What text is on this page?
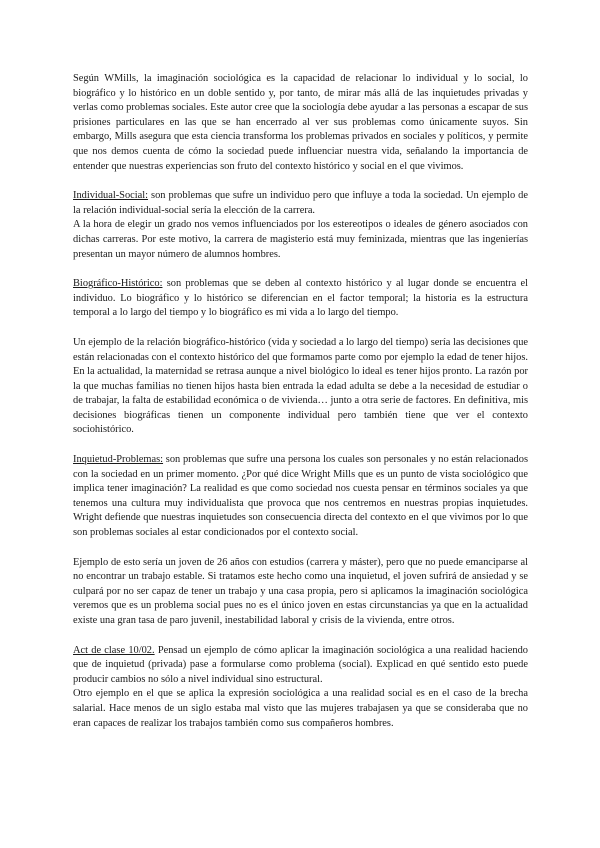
Según WMills, la imaginación sociológica es la capacidad de relacionar lo individual y lo social, lo biográfico y lo histórico en un doble sentido y, por tanto, de mirar más allá de las inquietudes privadas y verlas como problemas sociales. Este autor cree que la sociología debe ayudar a las personas a escapar de sus prisiones particulares en las que se han encerrado al ver sus problemas como únicamente suyos. Sin embargo, Mills asegura que esta ciencia transforma los problemas privados en sociales y políticos, y permite que nos demos cuenta de cómo la sociedad puede influenciar nuestra vida, señalando la importancia de entender que nuestras experiencias son fruto del contexto histórico y social en el que vivimos.

Individual-Social: son problemas que sufre un individuo pero que influye a toda la sociedad. Un ejemplo de la relación individual-social sería la elección de la carrera.

A la hora de elegir un grado nos vemos influenciados por los estereotipos o ideales de género asociados con dichas carreras. Por este motivo, la carrera de magisterio está muy feminizada, mientras que las ingenierías presentan un mayor número de alumnos hombres.

Biográfico-Histórico: son problemas que se deben al contexto histórico y al lugar donde se encuentra el individuo. Lo biográfico y lo histórico se diferencian en el factor temporal; la historia es la estructura temporal a lo largo del tiempo y lo biográfico es mi vida a lo largo del tiempo.

Un ejemplo de la relación biográfico-histórico (vida y sociedad a lo largo del tiempo) sería las decisiones que están relacionadas con el contexto histórico del que formamos parte como por ejemplo la edad de tener hijos. En la actualidad, la maternidad se retrasa aunque a nivel biológico lo ideal es tener hijos pronto. La razón por la que muchas familias no tienen hijos hasta bien entrada la edad adulta se debe a la necesidad de estudiar o de trabajar, la falta de estabilidad económica o de vivienda… junto a otra serie de factores. En definitiva, mis decisiones biográficas tienen un componente individual pero también tiene que ver el contexto sociohistórico.

Inquietud-Problemas: son problemas que sufre una persona los cuales son personales y no están relacionados con la sociedad en un primer momento. ¿Por qué dice Wright Mills que es un punto de vista sociológico que implica tener imaginación? La realidad es que como sociedad nos cuesta pensar en términos sociales ya que tenemos una cultura muy individualista que provoca que nos centremos en nuestras propias inquietudes. Wright defiende que nuestras inquietudes son consecuencia directa del contexto en el que vivimos por lo que son problemas sociales al estar condicionados por el contexto social.

Ejemplo de esto sería un joven de 26 años con estudios (carrera y máster), pero que no puede emanciparse al no encontrar un trabajo estable. Si tratamos este hecho como una inquietud, el joven sufrirá de ansiedad y se culpará por no ser capaz de tener un trabajo y una casa propia, pero si aplicamos la imaginación sociológica veremos que es un problema social pues no es el único joven en estas circunstancias ya que en la actualidad existe una gran tasa de paro juvenil, inestabilidad laboral y crisis de la vivienda, entre otros.

Act de clase 10/02. Pensad un ejemplo de cómo aplicar la imaginación sociológica a una realidad haciendo que de inquietud (privada) pase a formularse como problema (social). Explicad en qué sentido esto puede producir cambios no sólo a nivel individual sino estructural.

Otro ejemplo en el que se aplica la expresión sociológica a una realidad social es en el caso de la brecha salarial. Hace menos de un siglo estaba mal visto que las mujeres trabajasen ya que se consideraba que no eran capaces de realizar los trabajos también como sus compañeros hombres.
